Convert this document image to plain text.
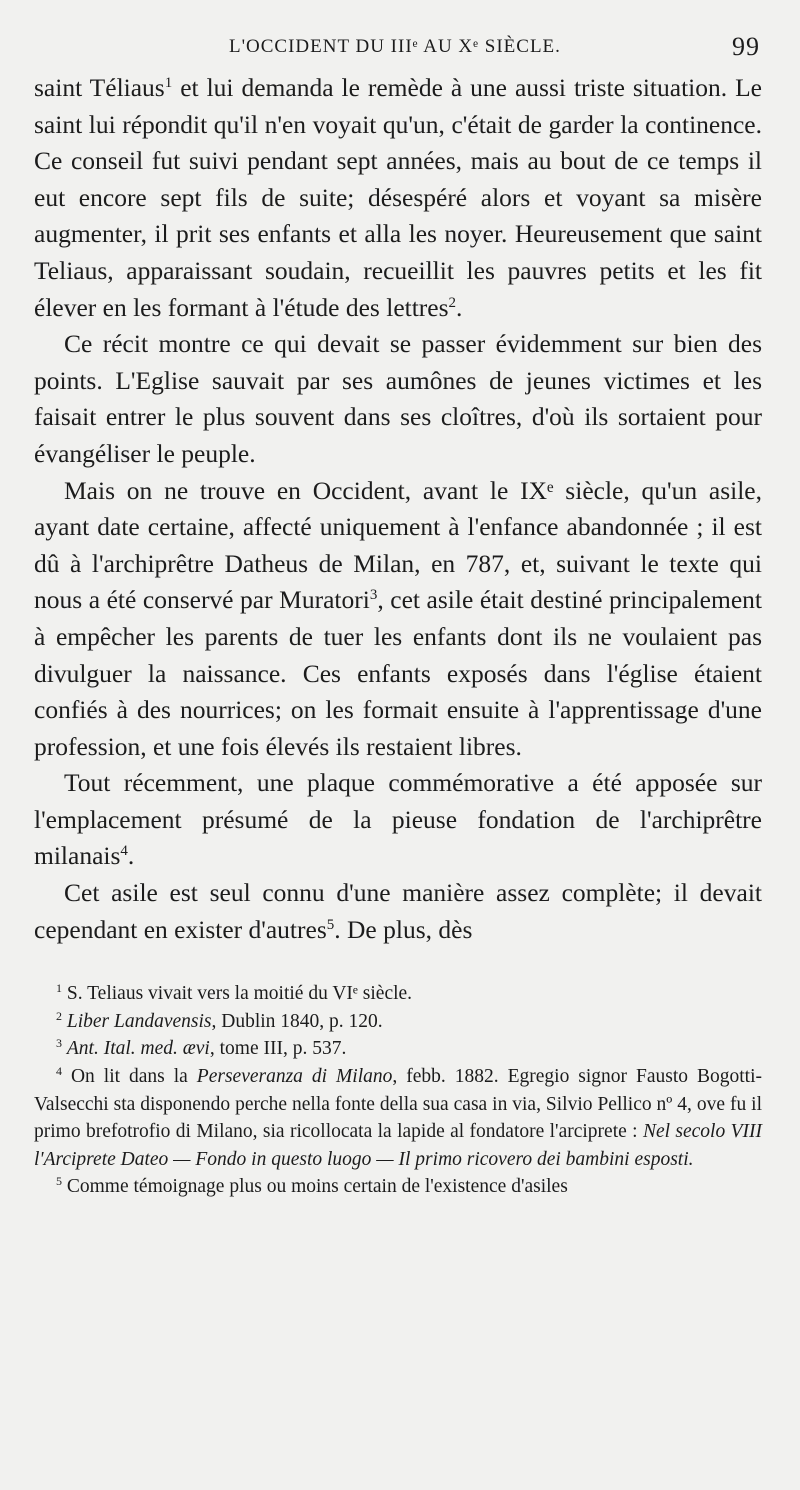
L'OCCIDENT DU IIIᵉ AU Xᵉ SIÈCLE.	99

saint Téliaus$^1$ et lui demanda le remède à une aussi triste situation. Le saint lui répondit qu'il n'en voyait qu'un, c'était de garder la continence. Ce conseil fut suivi pendant sept années, mais au bout de ce temps il eut encore sept fils de suite; désespéré alors et voyant sa misère augmenter, il prit ses enfants et alla les noyer. Heureusement que saint Teliaus, apparaissant soudain, recueillit les pauvres petits et les fit élever en les formant à l'étude des lettres$^2$.

Ce récit montre ce qui devait se passer évidemment sur bien des points. L'Eglise sauvait par ses aumônes de jeunes victimes et les faisait entrer le plus souvent dans ses cloîtres, d'où ils sortaient pour évangéliser le peuple.

Mais on ne trouve en Occident, avant le IXᵉ siècle, qu'un asile, ayant date certaine, affecté uniquement à l'enfance abandonnée ; il est dû à l'archiprêtre Datheus de Milan, en 787, et, suivant le texte qui nous a été conservé par Muratori$^3$, cet asile était destiné principalement à empêcher les parents de tuer les enfants dont ils ne voulaient pas divulguer la naissance. Ces enfants exposés dans l'église étaient confiés à des nourrices; on les formait ensuite à l'apprentissage d'une profession, et une fois élevés ils restaient libres.

Tout récemment, une plaque commémorative a été apposée sur l'emplacement présumé de la pieuse fondation de l'archiprêtre milanais$^4$.

Cet asile est seul connu d'une manière assez complète; il devait cependant en exister d'autres$^5$. De plus, dès

$^1$ S. Teliaus vivait vers la moitié du VIᵉ siècle.

$^2$ Liber Landavensis, Dublin 1840, p. 120.

$^3$ Ant. Ital. med. ævi, tome III, p. 537.

$^4$ On lit dans la Perseveranza di Milano, febb. 1882. Egregio signor Fausto Bogotti-Valsecchi sta disponendo perche nella fonte della sua casa in via, Silvio Pellico nº 4, ove fu il primo brefotrofio di Milano, sia ricollocata la lapide al fondatore l'arciprete : Nel secolo VIII l'Arciprete Dateo — Fondo in questo luogo — Il primo ricovero dei bambini esposti.

$^5$ Comme témoignage plus ou moins certain de l'existence d'asiles
